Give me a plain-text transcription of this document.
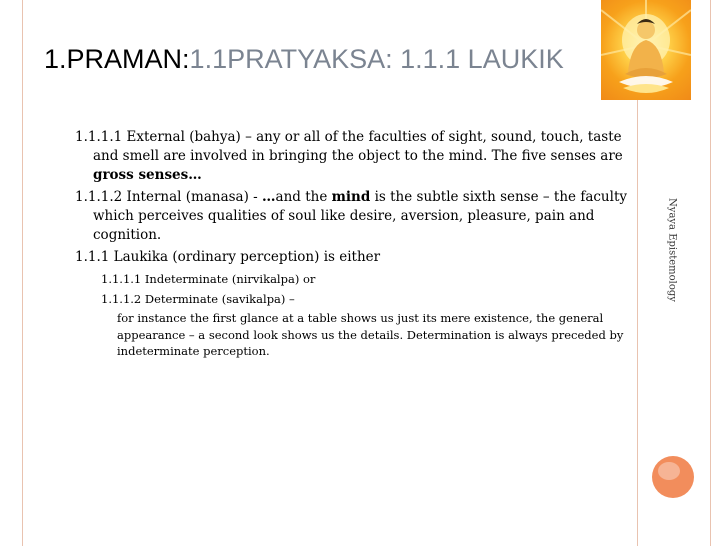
1.PRAMAN:1.1PRATYAKSA: 1.1.1 LAUKIK
Nyaya Epistemology

1.1.1.1 External (bahya) – any or all of the faculties of sight, sound, touch, taste and smell are involved in bringing the object to the mind. The five senses are gross senses…

1.1.1.2 Internal (manasa) - …and the mind is the subtle sixth sense – the faculty which perceives qualities of soul like desire, aversion, pleasure, pain and cognition.

1.1.1 Laukika (ordinary perception) is either

1.1.1.1 Indeterminate (nirvikalpa) or

1.1.1.2 Determinate (savikalpa) –

for instance the first glance at a table shows us just its mere existence, the general appearance – a second look shows us the details. Determination is always preceded by indeterminate perception.
